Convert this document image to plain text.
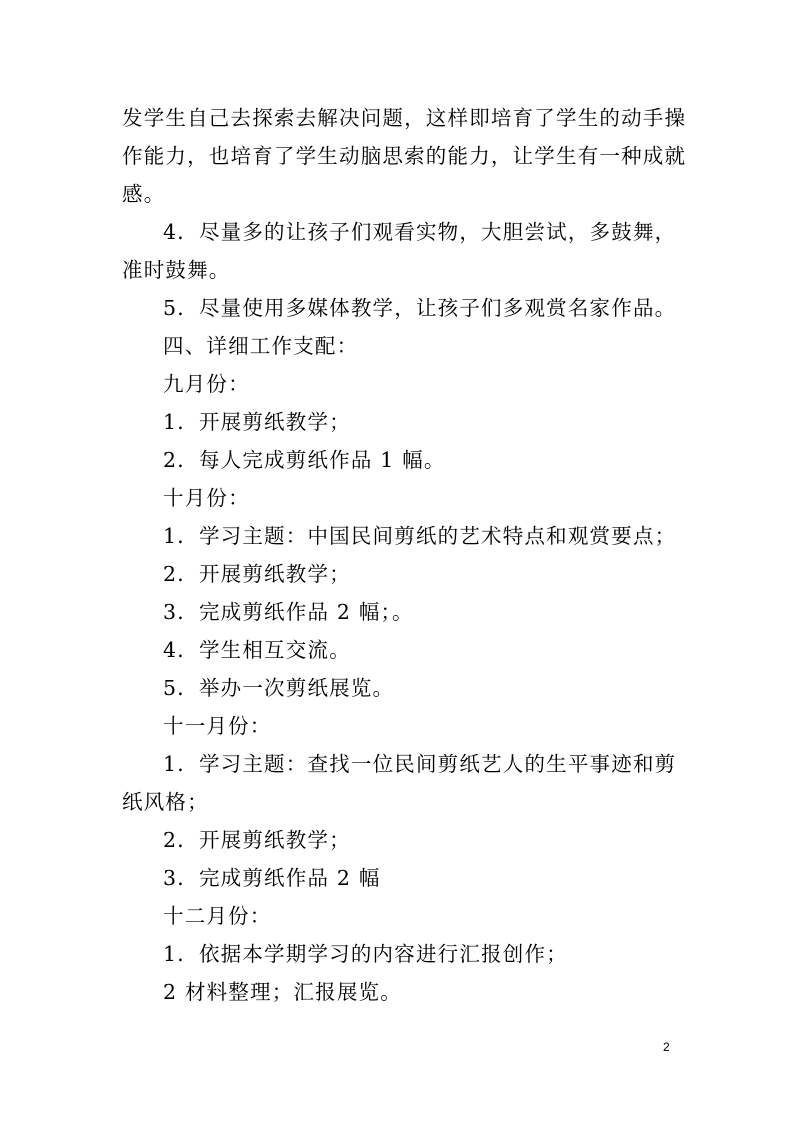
发学生自己去探索去解决问题，这样即培育了学生的动手操
作能力，也培育了学生动脑思索的能力，让学生有一种成就
感。
4．尽量多的让孩子们观看实物，大胆尝试，多鼓舞，
准时鼓舞。
5．尽量使用多媒体教学，让孩子们多观赏名家作品。
四、详细工作支配：
九月份：
1．开展剪纸教学；
2．每人完成剪纸作品 1 幅。
十月份：
1．学习主题：中国民间剪纸的艺术特点和观赏要点；
2．开展剪纸教学；
3．完成剪纸作品 2 幅；。
4．学生相互交流。
5．举办一次剪纸展览。
十一月份：
1．学习主题：查找一位民间剪纸艺人的生平事迹和剪
纸风格；
2．开展剪纸教学；
3．完成剪纸作品 2 幅
十二月份：
1．依据本学期学习的内容进行汇报创作；
2 材料整理；汇报展览。
2
